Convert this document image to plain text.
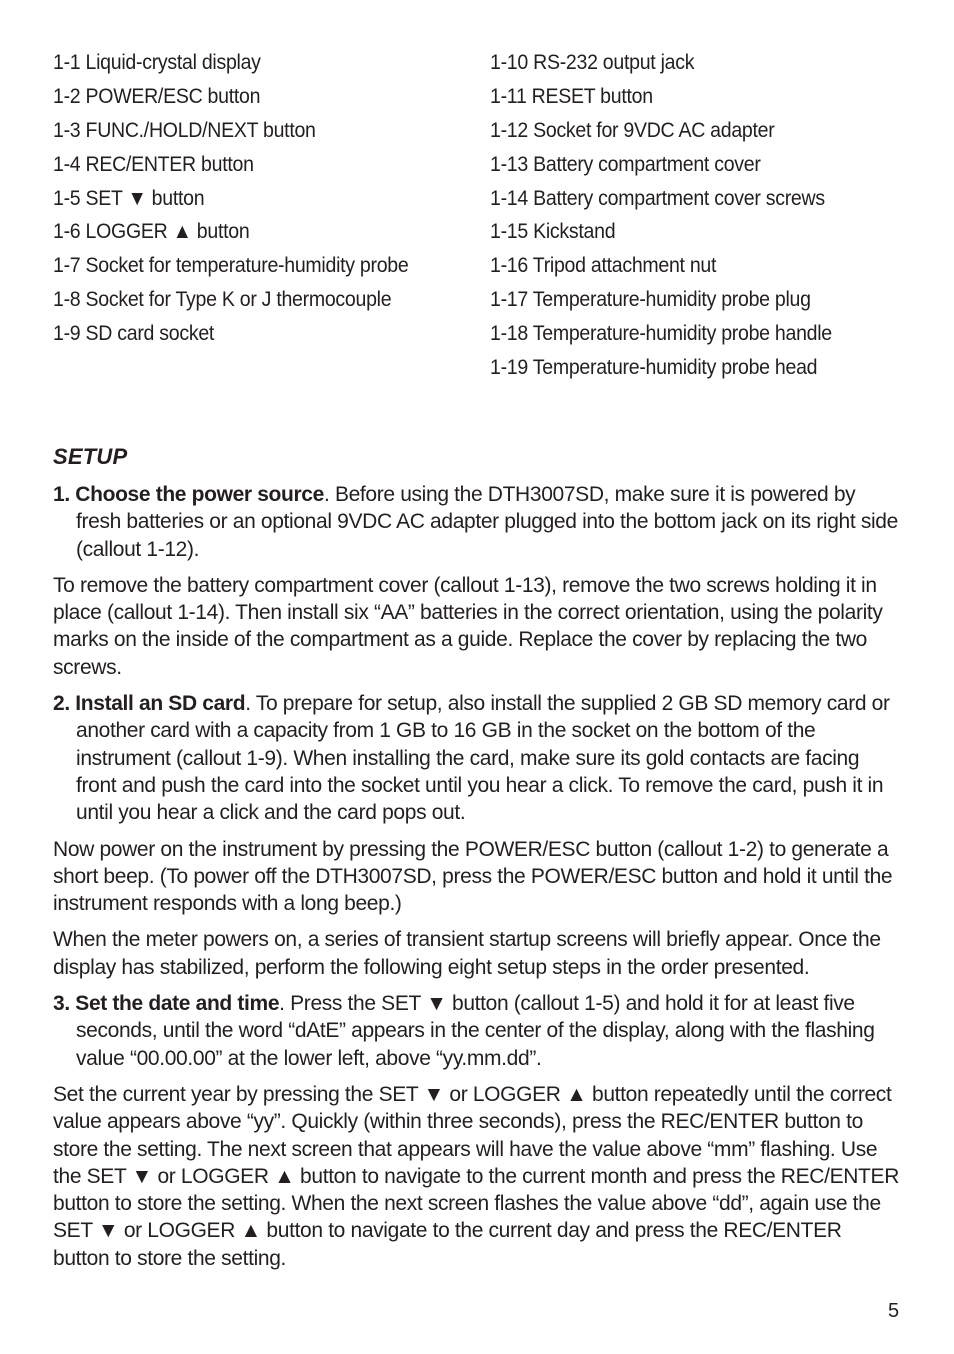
1-1 Liquid-crystal display
1-2 POWER/ESC button
1-3 FUNC./HOLD/NEXT button
1-4 REC/ENTER button
1-5 SET ▼ button
1-6 LOGGER ▲ button
1-7 Socket for temperature-humidity probe
1-8 Socket for Type K or J thermocouple
1-9 SD card socket
1-10 RS-232 output jack
1-11 RESET button
1-12 Socket for 9VDC AC adapter
1-13 Battery compartment cover
1-14 Battery compartment cover screws
1-15 Kickstand
1-16 Tripod attachment nut
1-17 Temperature-humidity probe plug
1-18 Temperature-humidity probe handle
1-19 Temperature-humidity probe head
SETUP

1. Choose the power source. Before using the DTH3007SD, make sure it is powered by fresh batteries or an optional 9VDC AC adapter plugged into the bottom jack on its right side (callout 1-12).

To remove the battery compartment cover (callout 1-13), remove the two screws holding it in place (callout 1-14). Then install six “AA” batteries in the correct orientation, using the polarity marks on the inside of the compartment as a guide. Replace the cover by replacing the two screws.

2. Install an SD card. To prepare for setup, also install the supplied 2 GB SD memory card or another card with a capacity from 1 GB to 16 GB in the socket on the bottom of the instrument (callout 1-9). When installing the card, make sure its gold contacts are facing front and push the card into the socket until you hear a click. To remove the card, push it in until you hear a click and the card pops out.

Now power on the instrument by pressing the POWER/ESC button (callout 1-2) to generate a short beep. (To power off the DTH3007SD, press the POWER/ESC button and hold it until the instrument responds with a long beep.)

When the meter powers on, a series of transient startup screens will briefly appear. Once the display has stabilized, perform the following eight setup steps in the order presented.

3. Set the date and time. Press the SET ▼ button (callout 1-5) and hold it for at least five seconds, until the word “dAtE” appears in the center of the display, along with the flashing value “00.00.00” at the lower left, above “yy.mm.dd”.

Set the current year by pressing the SET ▼ or LOGGER ▲ button repeatedly until the correct value appears above “yy”. Quickly (within three seconds), press the REC/ENTER button to store the setting. The next screen that appears will have the value above “mm” flashing. Use the SET ▼ or LOGGER ▲ button to navigate to the current month and press the REC/ENTER button to store the setting. When the next screen flashes the value above “dd”, again use the SET ▼ or LOGGER ▲ button to navigate to the current day and press the REC/ENTER button to store the setting.

5
